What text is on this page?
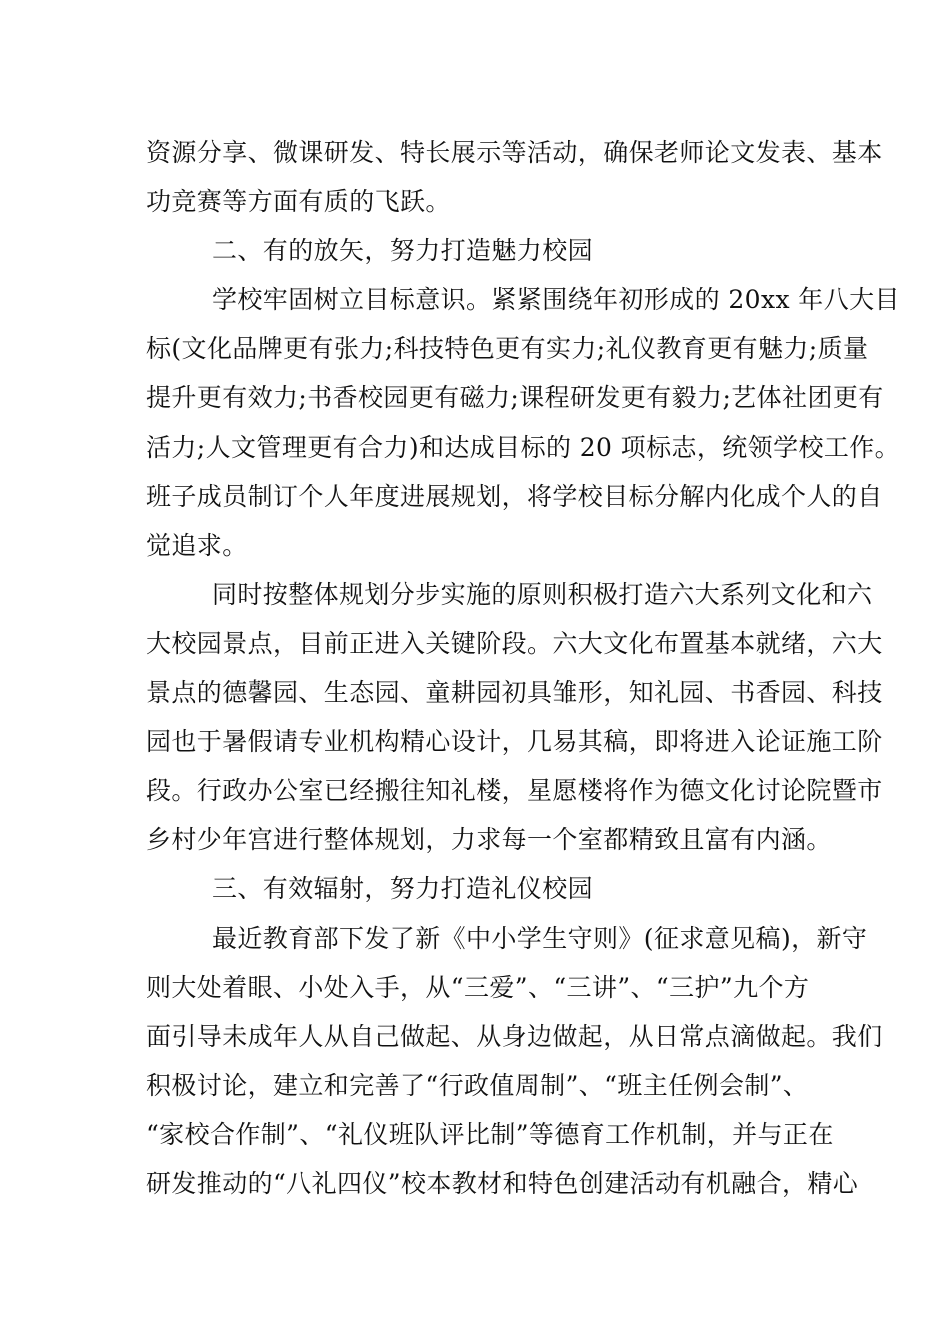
资源分享、微课研发、特长展示等活动，确保老师论文发表、基本
功竞赛等方面有质的飞跃。
二、有的放矢，努力打造魅力校园
学校牢固树立目标意识。紧紧围绕年初形成的 20xx 年八大目
标(文化品牌更有张力;科技特色更有实力;礼仪教育更有魅力;质量
提升更有效力;书香校园更有磁力;课程研发更有毅力;艺体社团更有
活力;人文管理更有合力)和达成目标的 20 项标志，统领学校工作。
班子成员制订个人年度进展规划，将学校目标分解内化成个人的自
觉追求。
同时按整体规划分步实施的原则积极打造六大系列文化和六
大校园景点，目前正进入关键阶段。六大文化布置基本就绪，六大
景点的德馨园、生态园、童耕园初具雏形，知礼园、书香园、科技
园也于暑假请专业机构精心设计，几易其稿，即将进入论证施工阶
段。行政办公室已经搬往知礼楼，星愿楼将作为德文化讨论院暨市
乡村少年宫进行整体规划，力求每一个室都精致且富有内涵。
三、有效辐射，努力打造礼仪校园
最近教育部下发了新《中小学生守则》(征求意见稿)，新守
则大处着眼、小处入手，从“三爱”、“三讲”、“三护”九个方
面引导未成年人从自己做起、从身边做起，从日常点滴做起。我们
积极讨论，建立和完善了“行政值周制”、“班主任例会制”、
“家校合作制”、“礼仪班队评比制”等德育工作机制，并与正在
研发推动的“八礼四仪”校本教材和特色创建活动有机融合，精心
